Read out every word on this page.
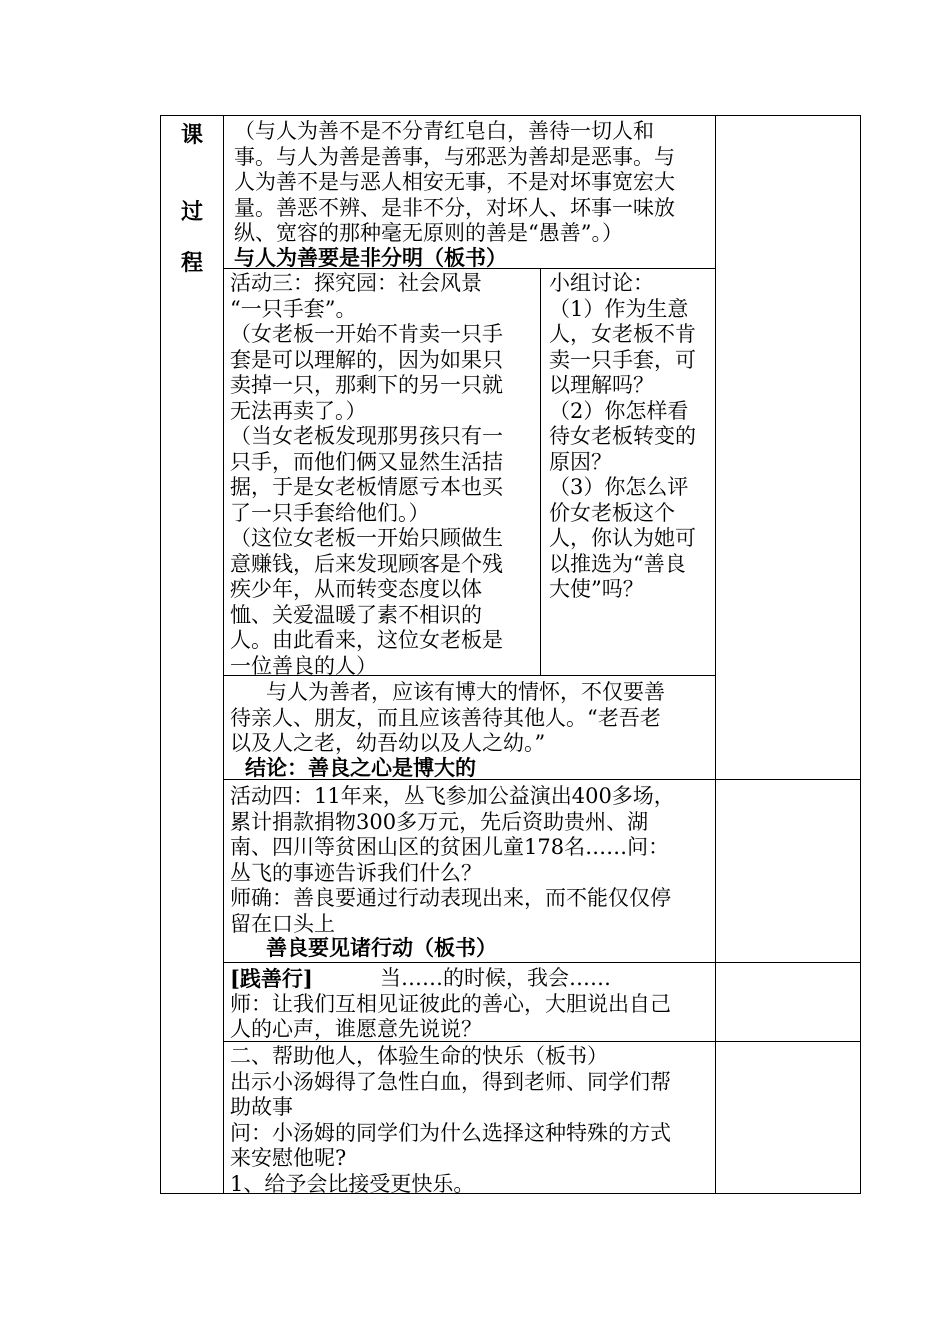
课
过
程
（与人为善不是不分青红皂白，善待一切人和
事。与人为善是善事，与邪恶为善却是恶事。与
人为善不是与恶人相安无事，不是对坏事宽宏大
量。善恶不辨、是非不分，对坏人、坏事一味放
纵、宽容的那种毫无原则的善是“愚善”。）
与人为善要是非分明（板书）
活动三：探究园：社会风景
“一只手套”。
（女老板一开始不肯卖一只手
套是可以理解的，因为如果只
卖掉一只，那剩下的另一只就
无法再卖了。）
（当女老板发现那男孩只有一
只手，而他们俩又显然生活拮
据，于是女老板情愿亏本也买
了一只手套给他们。）
（这位女老板一开始只顾做生
意赚钱，后来发现顾客是个残
疾少年，从而转变态度以体
恤、关爱温暖了素不相识的
人。由此看来，这位女老板是
一位善良的人）
小组讨论：
（1）作为生意
人，女老板不肯
卖一只手套，可
以理解吗？
（2）你怎样看
待女老板转变的
原因？
（3）你怎么评
价女老板这个
人，你认为她可
以推选为“善良
大使”吗？
与人为善者，应该有博大的情怀，不仅要善
待亲人、朋友，而且应该善待其他人。“老吾老
以及人之老，幼吾幼以及人之幼。”
结论：善良之心是博大的
活动四：11年来，丛飞参加公益演出400多场，
累计捐款捐物300多万元，先后资助贵州、湖
南、四川等贫困山区的贫困儿童178名……问：
丛飞的事迹告诉我们什么？
师确：善良要通过行动表现出来，而不能仅仅停
留在口头上
善良要见诸行动（板书）
[践善行]	当……的时候，我会……
师：让我们互相见证彼此的善心，大胆说出自己
人的心声，谁愿意先说说？
二、帮助他人，体验生命的快乐（板书）
出示小汤姆得了急性白血，得到老师、同学们帮
助故事
问：小汤姆的同学们为什么选择这种特殊的方式
来安慰他呢?
1、给予会比接受更快乐。
